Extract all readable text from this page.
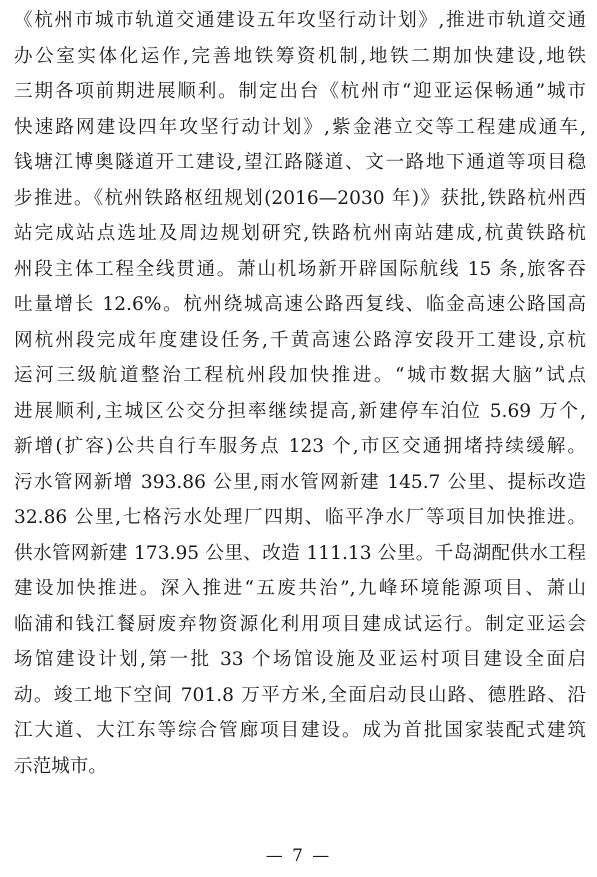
《杭州市城市轨道交通建设五年攻坚行动计划》,推进市轨道交通
办公室实体化运作,完善地铁筹资机制,地铁二期加快建设,地铁
三期各项前期进展顺利。制定出台《杭州市“迎亚运保畅通”城市
快速路网建设四年攻坚行动计划》,紫金港立交等工程建成通车,
钱塘江博奥隧道开工建设,望江路隧道、文一路地下通道等项目稳
步推进。《杭州铁路枢纽规划(2016—2030 年)》获批,铁路杭州西
站完成站点选址及周边规划研究,铁路杭州南站建成,杭黄铁路杭
州段主体工程全线贯通。萧山机场新开辟国际航线 15 条,旅客吞
吐量增长 12.6%。杭州绕城高速公路西复线、临金高速公路国高
网杭州段完成年度建设任务,千黄高速公路淳安段开工建设,京杭
运河三级航道整治工程杭州段加快推进。“城市数据大脑”试点
进展顺利,主城区公交分担率继续提高,新建停车泊位 5.69 万个,
新增(扩容)公共自行车服务点 123 个,市区交通拥堵持续缓解。
污水管网新增 393.86 公里,雨水管网新建 145.7 公里、提标改造
32.86 公里,七格污水处理厂四期、临平净水厂等项目加快推进。
供水管网新建 173.95 公里、改造 111.13 公里。千岛湖配供水工程
建设加快推进。深入推进“五废共治”,九峰环境能源项目、萧山
临浦和钱江餐厨废弃物资源化利用项目建成试运行。制定亚运会
场馆建设计划,第一批 33 个场馆设施及亚运村项目建设全面启
动。竣工地下空间 701.8 万平方米,全面启动艮山路、德胜路、沿
江大道、大江东等综合管廊项目建设。成为首批国家装配式建筑
示范城市。
— 7 —
